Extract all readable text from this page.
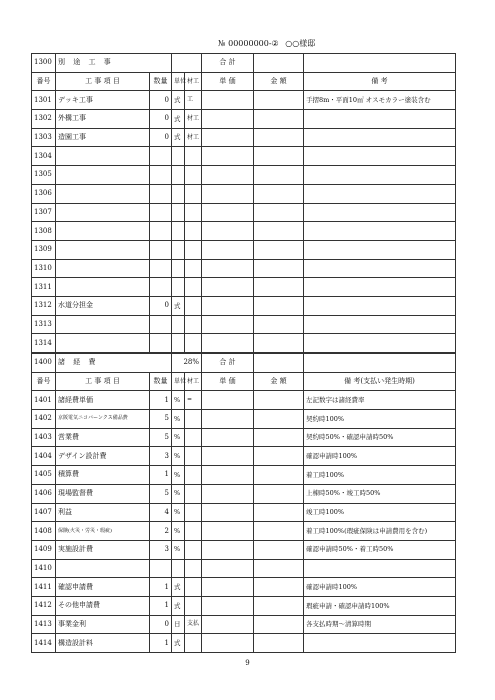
№ 00000000-② ○○様邸
1300	別 途 工 事				合 計		
番号	工 事 項 目	数量	単位	材工	単 価	金 額	備 考
1301	デッキ工事	0	式	工			手摺8m・平面10㎡ オスモカラー塗装含む
1302	外構工事	0	式	材工			
1303	造園工事	0	式	材工			
1304							
1305							
1306							
1307							
1308							
1309							
1310							
1311							
1312	水道分担金	0	式				
1313							
1314							
1400	諸 経 費		28%		合 計		
番号	工 事 項 目	数量	単位	材工	単 価	金 額	備 考(支払い発生時期)
1401	諸経費単価	1	%	=			左記数字は諸経費率
1402	京阪電気ニコバーンクス備品費	5	%				契約時100%
1403	営業費	5	%				契約時50%・確認申請時50%
1404	デザイン設計費	3	%				確認申請時100%
1405	積算費	1	%				着工時100%
1406	現場監督費	5	%				上棟時50%・竣工時50%
1407	利益	4	%				竣工時100%
1408	保険(火災・労災・瑕疵)	2	%				着工時100%(瑕疵保険は申請費用を含む)
1409	実施設計費	3	%				確認申請時50%・着工時50%
1410							
1411	確認申請費	1	式				確認申請時100%
1412	その他申請費	1	式				瑕疵申請・確認申請時100%
1413	事業金利	0	日	支払			各支払時期～清算時期
1414	構造設計料	1	式				
9
